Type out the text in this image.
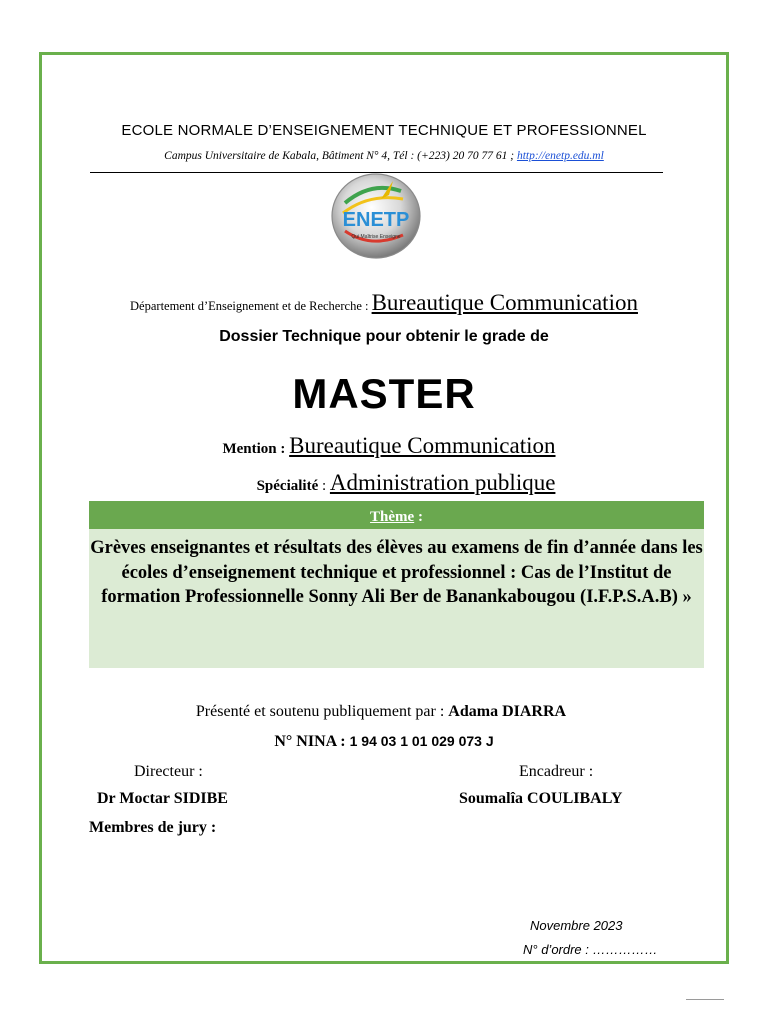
ECOLE NORMALE D’ENSEIGNEMENT TECHNIQUE ET PROFESSIONNEL
Campus Universitaire de Kabala, Bâtiment N° 4, Tél : (+223) 20 70 77 61 ; http://enetp.edu.ml
ENETP
Qui Maîtrise Enseigne
Département d’Enseignement et de Recherche : Bureautique Communication
Dossier Technique pour obtenir le grade de
MASTER
Mention : Bureautique Communication
Spécialité : Administration publique
Thème :
Grèves enseignantes et résultats des élèves au examens de fin d’année dans les écoles d’enseignement technique et professionnel : Cas de l’Institut de formation Professionnelle Sonny Ali Ber de Banankabougou (I.F.P.S.A.B) »
Présenté et soutenu publiquement par : Adama DIARRA
N° NINA : 1 94 03 1 01 029 073 J
Directeur :	Encadreur :
Dr Moctar SIDIBE	Soumalîa COULIBALY
Membres de jury :
Novembre 2023
N° d’ordre : ……………
